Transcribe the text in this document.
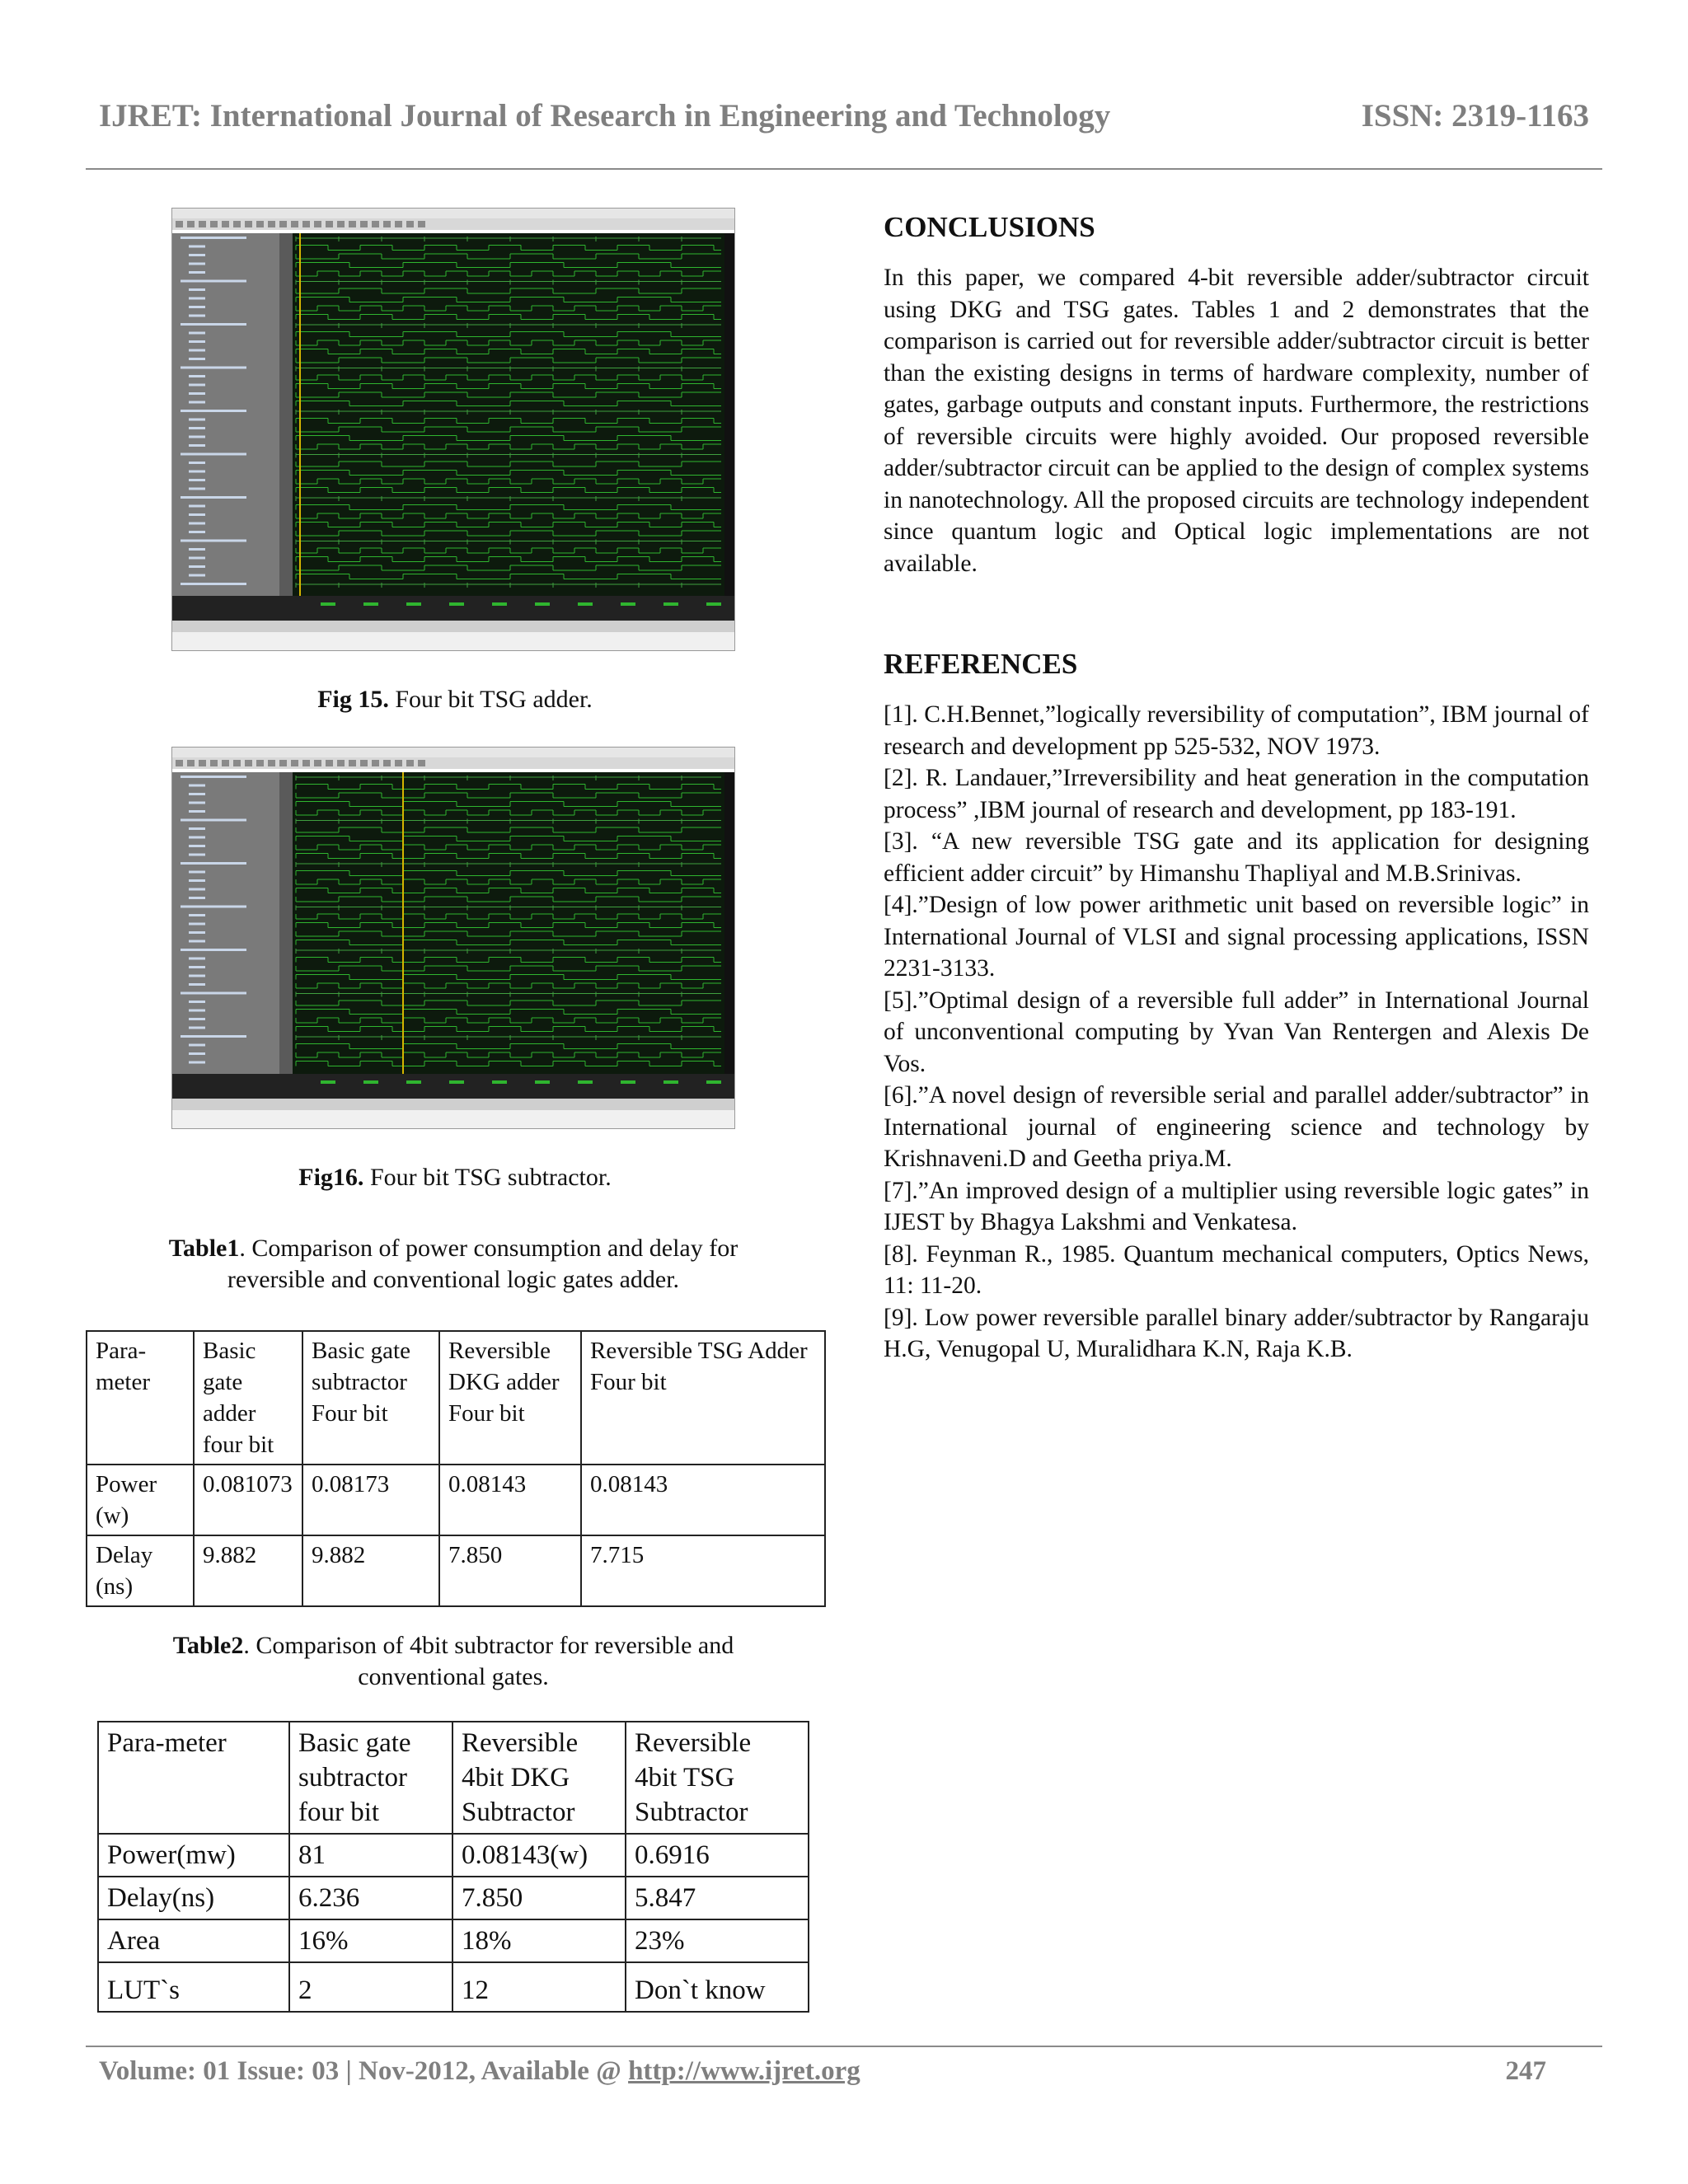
IJRET: International Journal of Research in Engineering and Technology	ISSN: 2319-1163
Fig 15. Four bit TSG adder.
Fig16. Four bit TSG subtractor.
Table1. Comparison of power consumption and delay for reversible and conventional logic gates adder.
Para-meter	Basic gate adder four bit	Basic gate subtractor Four bit	Reversible DKG adder Four bit	Reversible TSG Adder Four bit
Power (w)	0.081073	0.08173	0.08143	0.08143
Delay (ns)	9.882	9.882	7.850	7.715
Table2. Comparison of 4bit subtractor for reversible and conventional gates.
Para-meter	Basic gate subtractor four bit	Reversible 4bit DKG Subtractor	Reversible 4bit TSG Subtractor
Power(mw)	81	0.08143(w)	0.6916
Delay(ns)	6.236	7.850	5.847
Area	16%	18%	23%
LUT`s	2	12	Don`t know
CONCLUSIONS
In this paper, we compared 4-bit reversible adder/subtractor circuit using DKG and TSG gates. Tables 1 and 2 demonstrates that the comparison is carried out for reversible adder/subtractor circuit is better than the existing designs in terms of hardware complexity, number of gates, garbage outputs and constant inputs. Furthermore, the restrictions of reversible circuits were highly avoided. Our proposed reversible adder/subtractor circuit can be applied to the design of complex systems in nanotechnology. All the proposed circuits are technology independent since quantum logic and Optical logic implementations are not available.
REFERENCES

[1]. C.H.Bennet,”logically reversibility of computation”, IBM journal of research and development pp 525-532, NOV 1973.

[2]. R. Landauer,”Irreversibility and heat generation in the computation process” ,IBM journal of research and development, pp 183-191.

[3]. “A new reversible TSG gate and its application for designing efficient adder circuit” by Himanshu Thapliyal and M.B.Srinivas.

[4].”Design of low power arithmetic unit based on reversible logic” in International Journal of VLSI and signal processing applications, ISSN 2231-3133.

[5].”Optimal design of a reversible full adder” in International Journal of unconventional computing by Yvan Van Rentergen and Alexis De Vos.

[6].”A novel design of reversible serial and parallel adder/subtractor” in International journal of engineering science and technology by Krishnaveni.D and Geetha priya.M.

[7].”An improved design of a multiplier using reversible logic gates” in IJEST by Bhagya Lakshmi and Venkatesa.

[8]. Feynman R., 1985. Quantum mechanical computers, Optics News, 11: 11-20.

[9]. Low power reversible parallel binary adder/subtractor by Rangaraju H.G, Venugopal U, Muralidhara K.N, Raja K.B.

Volume: 01 Issue: 03 | Nov-2012, Available @ http://www.ijret.org	247
